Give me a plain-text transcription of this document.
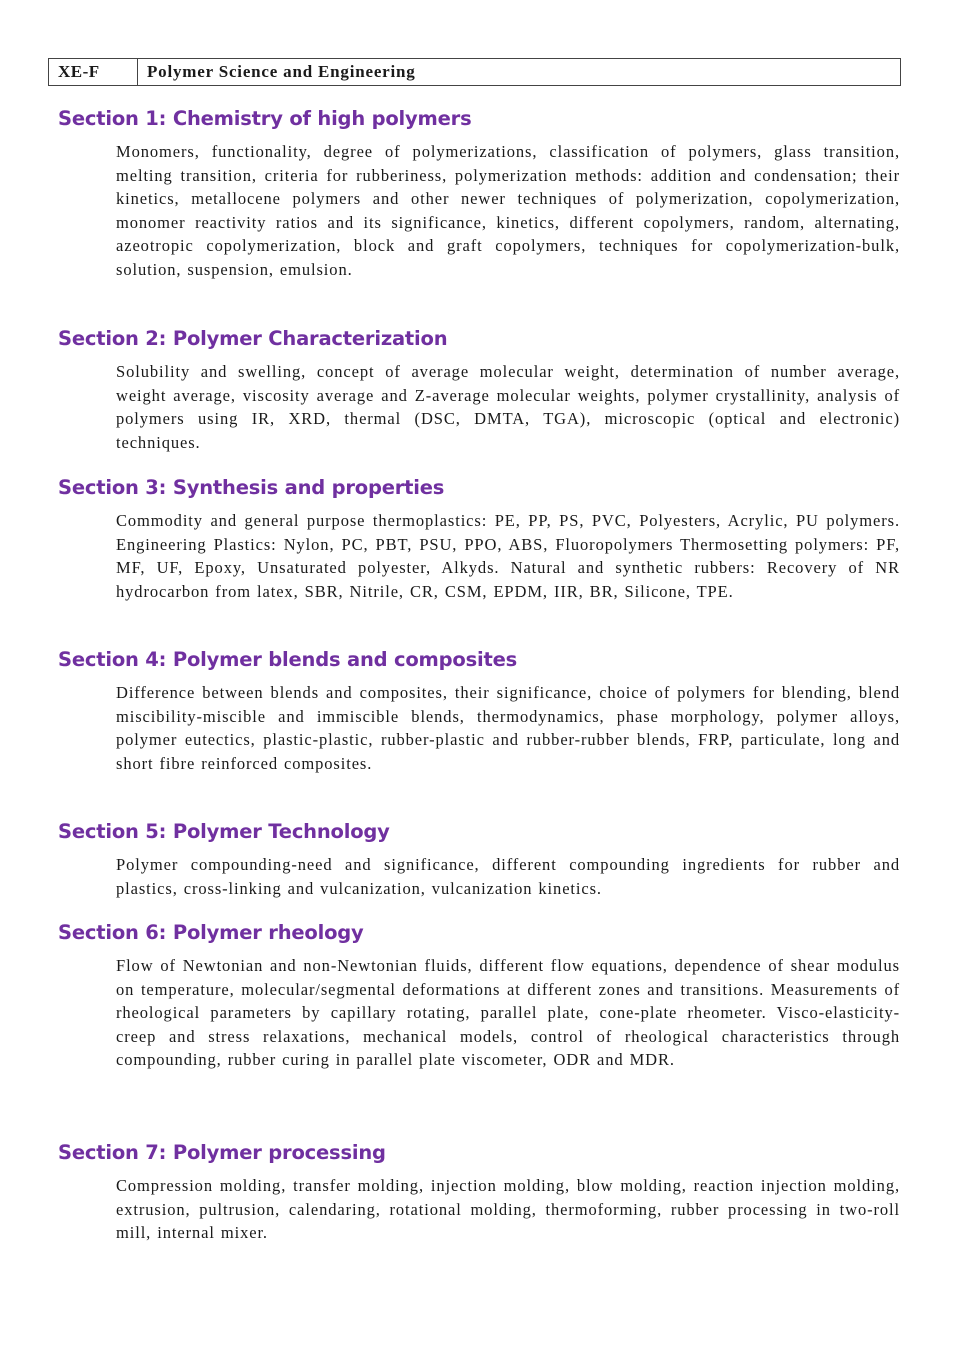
XE-F	Polymer Science and Engineering
Section 1: Chemistry of high polymers
Monomers, functionality, degree of polymerizations, classification of polymers, glass transition, melting transition, criteria for rubberiness, polymerization methods: addition and condensation; their kinetics, metallocene polymers and other newer techniques of polymerization, copolymerization, monomer reactivity ratios and its significance, kinetics, different copolymers, random, alternating, azeotropic copolymerization, block and graft copolymers, techniques for copolymerization-bulk, solution, suspension, emulsion.
Section 2: Polymer Characterization
Solubility and swelling, concept of average molecular weight, determination of number average, weight average, viscosity average and Z-average molecular weights, polymer crystallinity, analysis of polymers using IR, XRD, thermal (DSC, DMTA, TGA), microscopic (optical and electronic) techniques.
Section 3: Synthesis and properties
Commodity and general purpose thermoplastics: PE, PP, PS, PVC, Polyesters, Acrylic, PU polymers. Engineering Plastics: Nylon, PC, PBT, PSU, PPO, ABS, Fluoropolymers Thermosetting polymers: PF, MF, UF, Epoxy, Unsaturated polyester, Alkyds. Natural and synthetic rubbers: Recovery of NR hydrocarbon from latex, SBR, Nitrile, CR, CSM, EPDM, IIR, BR, Silicone, TPE.
Section 4: Polymer blends and composites
Difference between blends and composites, their significance, choice of polymers for blending, blend miscibility-miscible and immiscible blends, thermodynamics, phase morphology, polymer alloys, polymer eutectics, plastic-plastic, rubber-plastic and rubber-rubber blends, FRP, particulate, long and short fibre reinforced composites.
Section 5: Polymer Technology
Polymer compounding-need and significance, different compounding ingredients for rubber and plastics, cross-linking and vulcanization, vulcanization kinetics.
Section 6: Polymer rheology
Flow of Newtonian and non-Newtonian fluids, different flow equations, dependence of shear modulus on temperature, molecular/segmental deformations at different zones and transitions. Measurements of rheological parameters by capillary rotating, parallel plate, cone-plate rheometer. Visco-elasticity-creep and stress relaxations, mechanical models, control of rheological characteristics through compounding, rubber curing in parallel plate viscometer, ODR and MDR.
Section 7: Polymer processing
Compression molding, transfer molding, injection molding, blow molding, reaction injection molding, extrusion, pultrusion, calendaring, rotational molding, thermoforming, rubber processing in two-roll mill, internal mixer.
